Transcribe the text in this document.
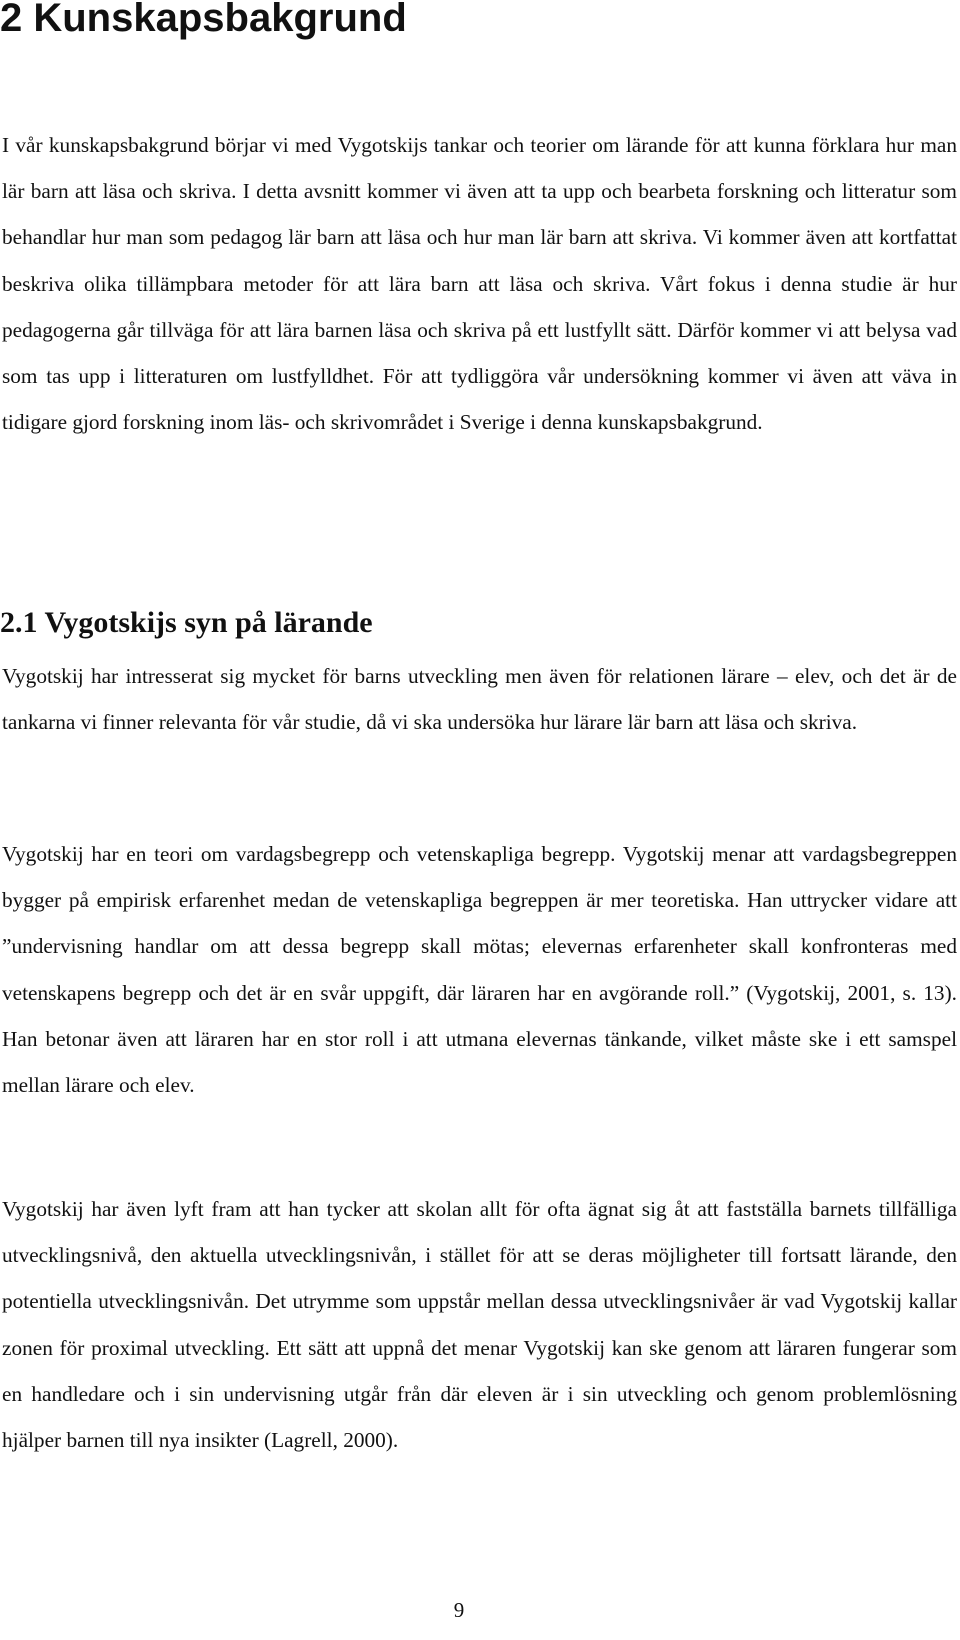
2 Kunskapsbakgrund

I vår kunskapsbakgrund börjar vi med Vygotskijs tankar och teorier om lärande för att kunna förklara hur man lär barn att läsa och skriva. I detta avsnitt kommer vi även att ta upp och bearbeta forskning och litteratur som behandlar hur man som pedagog lär barn att läsa och hur man lär barn att skriva. Vi kommer även att kortfattat beskriva olika tillämpbara metoder för att lära barn att läsa och skriva. Vårt fokus i denna studie är hur pedagogerna går tillväga för att lära barnen läsa och skriva på ett lustfyllt sätt. Därför kommer vi att belysa vad som tas upp i litteraturen om lustfylldhet. För att tydliggöra vår undersökning kommer vi även att väva in tidigare gjord forskning inom läs- och skrivområdet i Sverige i denna kunskapsbakgrund.

2.1 Vygotskijs syn på lärande

Vygotskij har intresserat sig mycket för barns utveckling men även för relationen lärare – elev, och det är de tankarna vi finner relevanta för vår studie, då vi ska undersöka hur lärare lär barn att läsa och skriva.

Vygotskij har en teori om vardagsbegrepp och vetenskapliga begrepp. Vygotskij menar att vardagsbegreppen bygger på empirisk erfarenhet medan de vetenskapliga begreppen är mer teoretiska. Han uttrycker vidare att ”undervisning handlar om att dessa begrepp skall mötas; elevernas erfarenheter skall konfronteras med vetenskapens begrepp och det är en svår uppgift, där läraren har en avgörande roll.” (Vygotskij, 2001, s. 13). Han betonar även att läraren har en stor roll i att utmana elevernas tänkande, vilket måste ske i ett samspel mellan lärare och elev.

Vygotskij har även lyft fram att han tycker att skolan allt för ofta ägnat sig åt att fastställa barnets tillfälliga utvecklingsnivå, den aktuella utvecklingsnivån, i stället för att se deras möjligheter till fortsatt lärande, den potentiella utvecklingsnivån. Det utrymme som uppstår mellan dessa utvecklingsnivåer är vad Vygotskij kallar zonen för proximal utveckling. Ett sätt att uppnå det menar Vygotskij kan ske genom att läraren fungerar som en handledare och i sin undervisning utgår från där eleven är i sin utveckling och genom problemlösning hjälper barnen till nya insikter (Lagrell, 2000).

9
